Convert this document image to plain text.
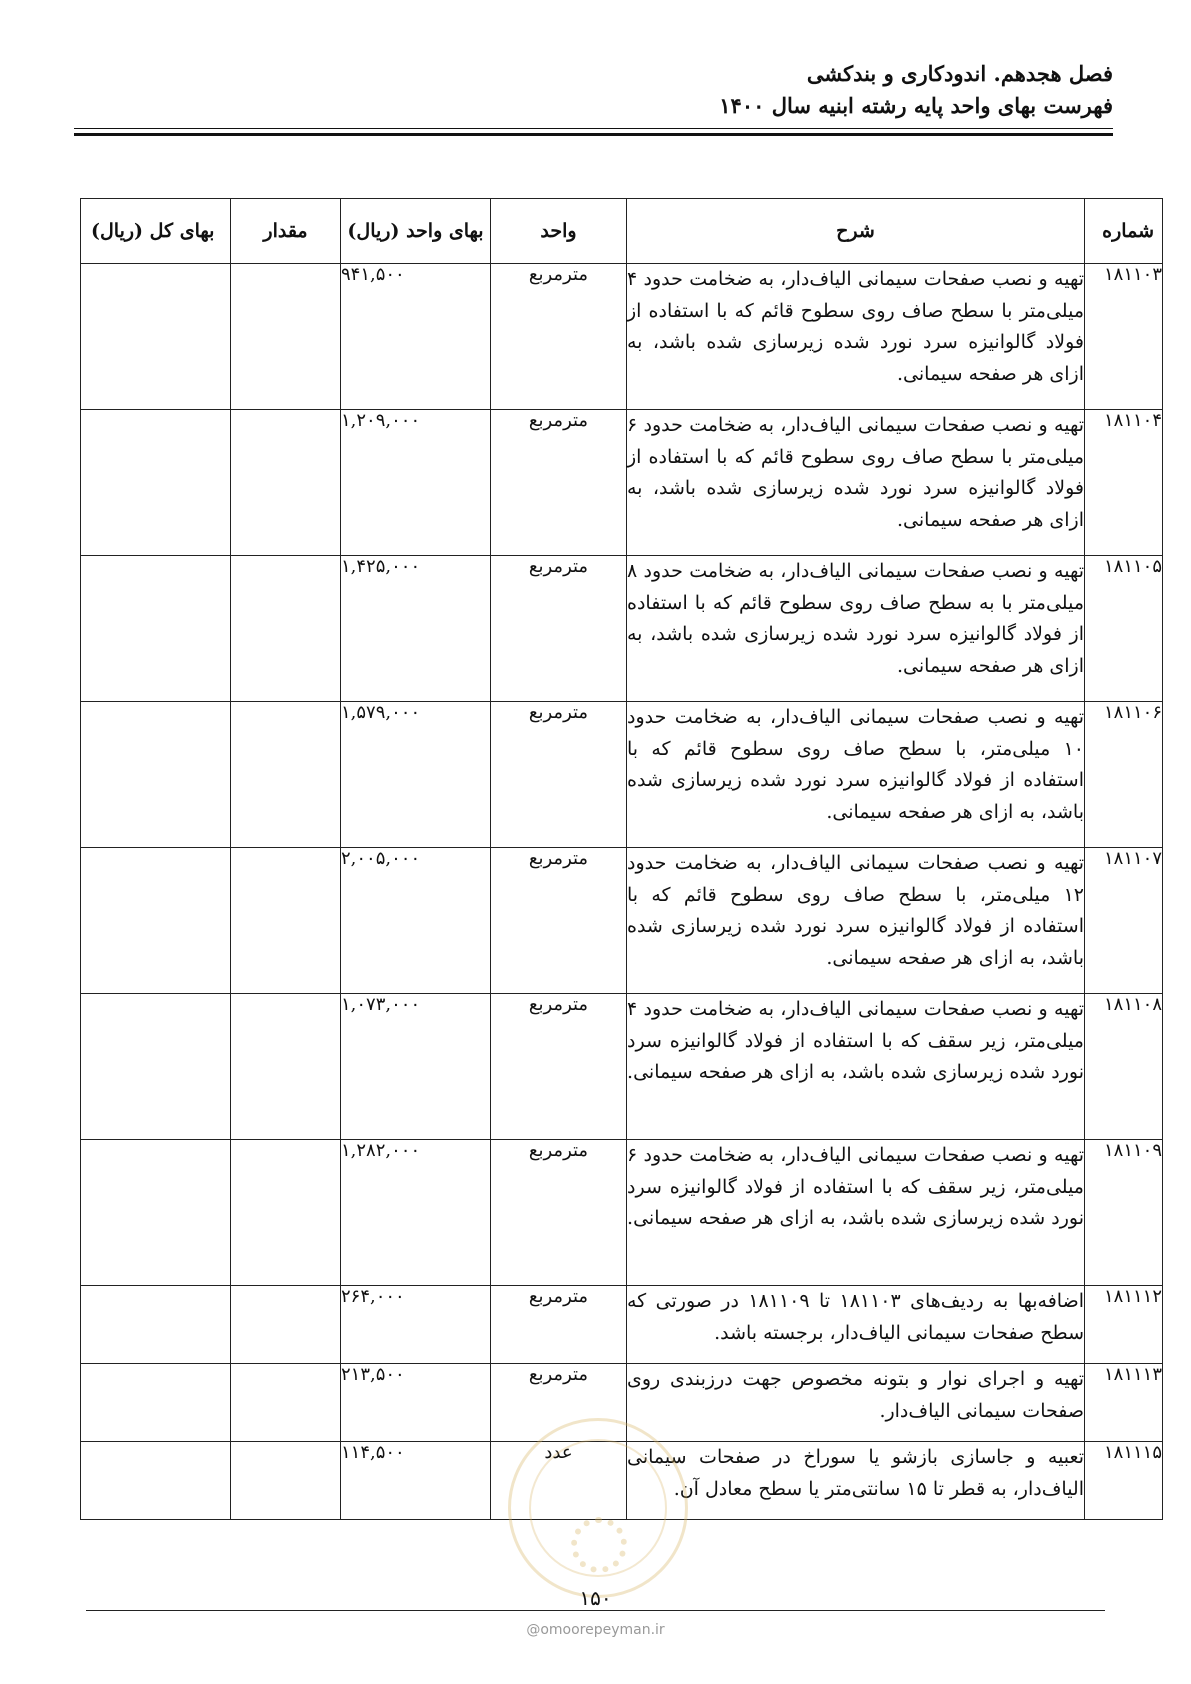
فصل هجدهم. اندودکاری و بندکشی
فهرست بهای واحد پایه رشته ابنیه سال ۱۴۰۰
شماره	شرح	واحد	بهای واحد (ریال)	مقدار	بهای کل (ریال)
۱۸۱۱۰۳	تهیه و نصب صفحات سیمانی الیاف‌دار، به ضخامت حدود ۴ میلی‌متر با سطح صاف روی سطوح قائم که با استفاده از فولاد گالوانیزه سرد نورد شده زیرسازی شده باشد، به ازای هر صفحه سیمانی.	مترمربع	۹۴۱,۵۰۰		
۱۸۱۱۰۴	تهیه و نصب صفحات سیمانی الیاف‌دار، به ضخامت حدود ۶ میلی‌متر با سطح صاف روی سطوح قائم که با استفاده از فولاد گالوانیزه سرد نورد شده زیرسازی شده باشد، به ازای هر صفحه سیمانی.	مترمربع	۱,۲۰۹,۰۰۰		
۱۸۱۱۰۵	تهیه و نصب صفحات سیمانی الیاف‌دار، به ضخامت حدود ۸ میلی‌متر با به سطح صاف روی سطوح قائم که با استفاده از فولاد گالوانیزه سرد نورد شده زیرسازی شده باشد، به ازای هر صفحه سیمانی.	مترمربع	۱,۴۲۵,۰۰۰		
۱۸۱۱۰۶	تهیه و نصب صفحات سیمانی الیاف‌دار، به ضخامت حدود ۱۰ میلی‌متر، با سطح صاف روی سطوح قائم که با استفاده از فولاد گالوانیزه سرد نورد شده زیرسازی شده باشد، به ازای هر صفحه سیمانی.	مترمربع	۱,۵۷۹,۰۰۰		
۱۸۱۱۰۷	تهیه و نصب صفحات سیمانی الیاف‌دار، به ضخامت حدود ۱۲ میلی‌متر، با سطح صاف روی سطوح قائم که با استفاده از فولاد گالوانیزه سرد نورد شده زیرسازی شده باشد، به ازای هر صفحه سیمانی.	مترمربع	۲,۰۰۵,۰۰۰		
۱۸۱۱۰۸	تهیه و نصب صفحات سیمانی الیاف‌دار، به ضخامت حدود ۴ میلی‌متر، زیر سقف که با استفاده از فولاد گالوانیزه سرد نورد شده زیرسازی شده باشد، به ازای هر صفحه سیمانی.	مترمربع	۱,۰۷۳,۰۰۰		
۱۸۱۱۰۹	تهیه و نصب صفحات سیمانی الیاف‌دار، به ضخامت حدود ۶ میلی‌متر، زیر سقف که با استفاده از فولاد گالوانیزه سرد نورد شده زیرسازی شده باشد، به ازای هر صفحه سیمانی.	مترمربع	۱,۲۸۲,۰۰۰		
۱۸۱۱۱۲	اضافه‌بها به ردیف‌های ۱۸۱۱۰۳ تا ۱۸۱۱۰۹ در صورتی که سطح صفحات سیمانی الیاف‌دار، برجسته باشد.	مترمربع	۲۶۴,۰۰۰		
۱۸۱۱۱۳	تهیه و اجرای نوار و بتونه مخصوص جهت درزبندی روی صفحات سیمانی الیاف‌دار.	مترمربع	۲۱۳,۵۰۰		
۱۸۱۱۱۵	تعبیه و جاسازی بازشو یا سوراخ در صفحات سیمانی الیاف‌دار، به قطر تا ۱۵ سانتی‌متر یا سطح معادل آن.	عدد	۱۱۴,۵۰۰		
۱۵۰
@omoorepeyman.ir
